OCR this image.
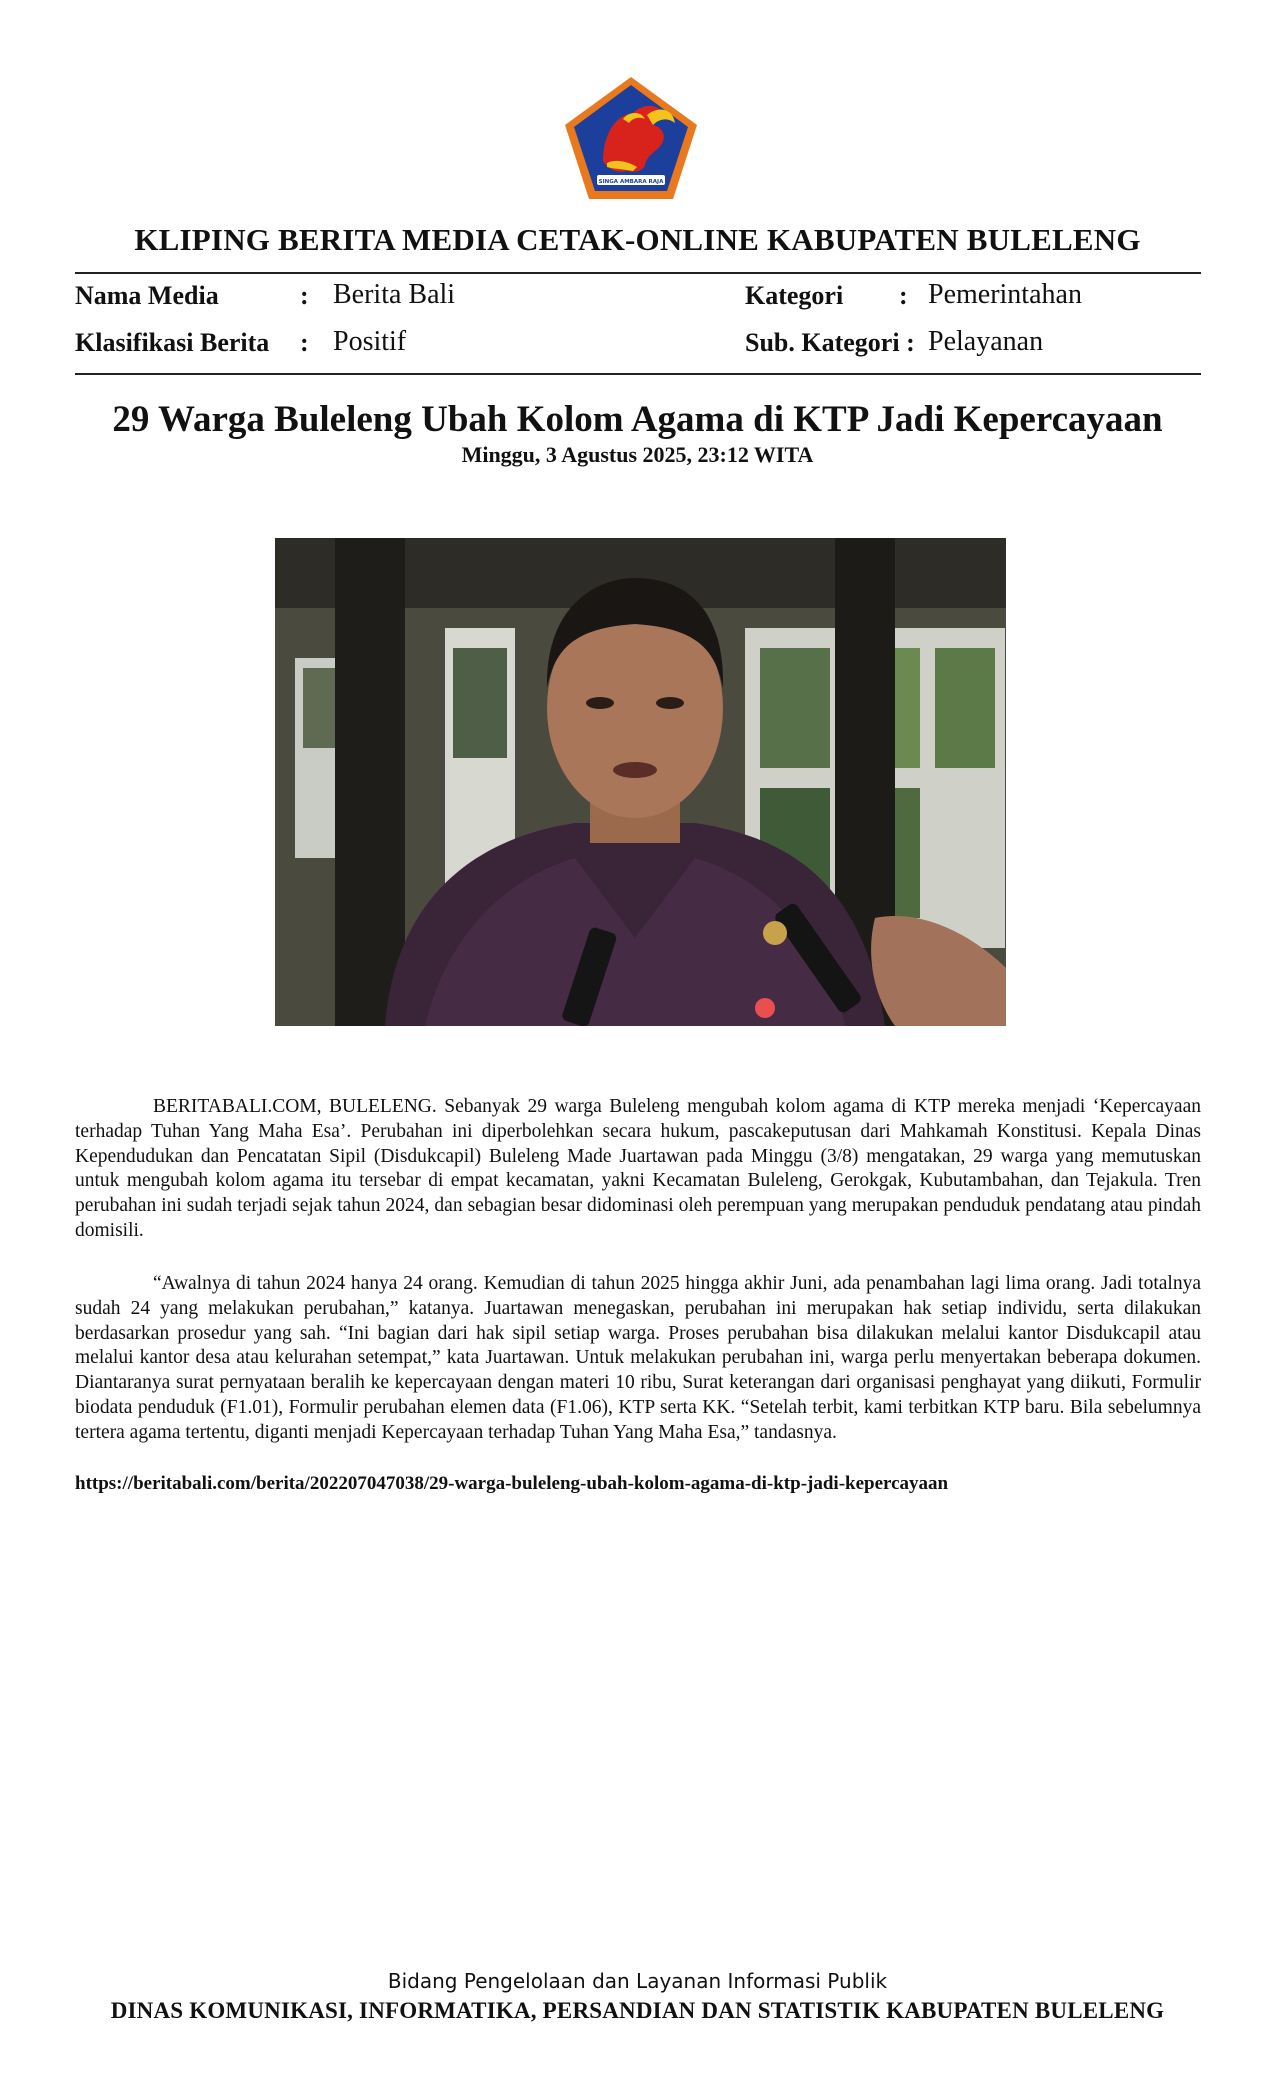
SINGA AMBARA RAJA
KLIPING BERITA MEDIA CETAK-ONLINE KABUPATEN BULELENG
Nama Media	: Berita Bali	Kategori : Pemerintahan
Klasifikasi Berita : Positif	Sub. Kategori : Pelayanan
29 Warga Buleleng Ubah Kolom Agama di KTP Jadi Kepercayaan
Minggu, 3 Agustus 2025, 23:12 WITA

BERITABALI.COM, BULELENG. Sebanyak 29 warga Buleleng mengubah kolom agama di KTP mereka menjadi ‘Kepercayaan terhadap Tuhan Yang Maha Esa’. Perubahan ini diperbolehkan secara hukum, pascakeputusan dari Mahkamah Konstitusi. Kepala Dinas Kependudukan dan Pencatatan Sipil (Disdukcapil) Buleleng Made Juartawan pada Minggu (3/8) mengatakan, 29 warga yang memutuskan untuk mengubah kolom agama itu tersebar di empat kecamatan, yakni Kecamatan Buleleng, Gerokgak, Kubutambahan, dan Tejakula. Tren perubahan ini sudah terjadi sejak tahun 2024, dan sebagian besar didominasi oleh perempuan yang merupakan penduduk pendatang atau pindah domisili.

“Awalnya di tahun 2024 hanya 24 orang. Kemudian di tahun 2025 hingga akhir Juni, ada penambahan lagi lima orang. Jadi totalnya sudah 24 yang melakukan perubahan,” katanya. Juartawan menegaskan, perubahan ini merupakan hak setiap individu, serta dilakukan berdasarkan prosedur yang sah. “Ini bagian dari hak sipil setiap warga. Proses perubahan bisa dilakukan melalui kantor Disdukcapil atau melalui kantor desa atau kelurahan setempat,” kata Juartawan. Untuk melakukan perubahan ini, warga perlu menyertakan beberapa dokumen. Diantaranya surat pernyataan beralih ke kepercayaan dengan materi 10 ribu, Surat keterangan dari organisasi penghayat yang diikuti, Formulir biodata penduduk (F1.01), Formulir perubahan elemen data (F1.06), KTP serta KK. “Setelah terbit, kami terbitkan KTP baru. Bila sebelumnya tertera agama tertentu, diganti menjadi Kepercayaan terhadap Tuhan Yang Maha Esa,” tandasnya.

https://beritabali.com/berita/202207047038/29-warga-buleleng-ubah-kolom-agama-di-ktp-jadi-kepercayaan
Bidang Pengelolaan dan Layanan Informasi Publik
DINAS KOMUNIKASI, INFORMATIKA, PERSANDIAN DAN STATISTIK KABUPATEN BULELENG
